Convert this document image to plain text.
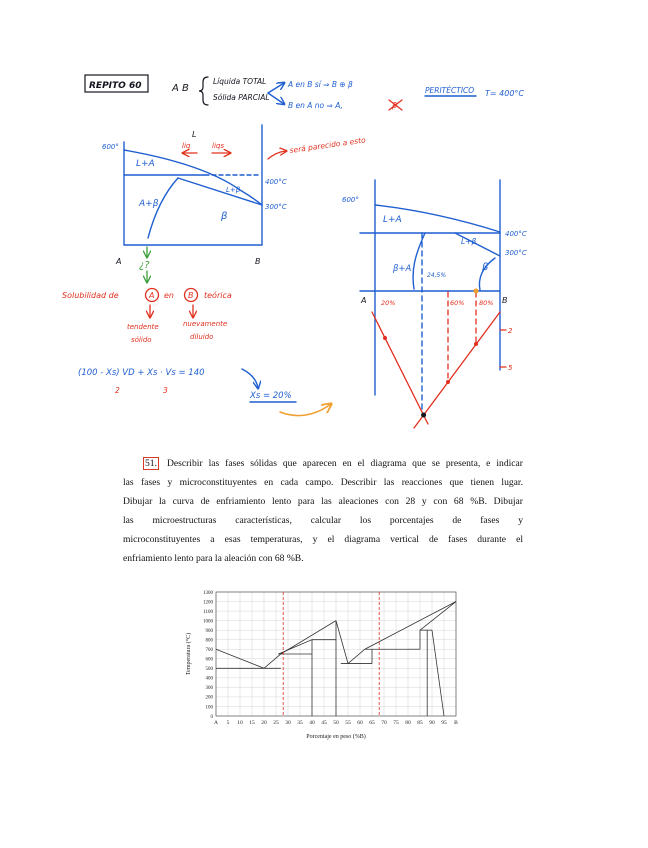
REPITO 60	A B
Líquida TOTAL
Sólida PARCIAL
A en B sí ⇒ B ⊕ β
B en A no ⇒ A,	β
PERITÉCTICO T= 400°C
600°
L+A
A+β
β
L+β
400°C
300°C
A	B
¿?
L
liq	liqs	será parecido a esto
Solubilidad de	A en B teórica
tendente
sólido
nuevamente
diluido
(100 - Xs) VD + Xs · Vs = 140
2	3
Xs = 20%
600°
L+A
L+β
400°C
300°C
β+A	β
24,5%
A	B
20%	60% 80%
2
5
51. Describir las fases sólidas que aparecen en el diagrama que se presenta, e indicar
las fases y microconstituyentes en cada campo. Describir las reacciones que tienen lugar.
Dibujar la curva de enfriamiento lento para las aleaciones con 28 y con 68 %B. Dibujar
las microestructuras características, calcular los porcentajes de fases y
microconstituyentes a esas temperaturas, y el diagrama vertical de fases durante el
enfriamiento lento para la aleación con 68 %B.
Porcentaje en peso (%B)
Temperatura (°C)
0
100
200
300
400
500
600
700
800
900
1000
1100
1200
1300
A 5 10 15 20 25 30 35 40 45 50 55 60 65 70 75 80 85 90 95 B
